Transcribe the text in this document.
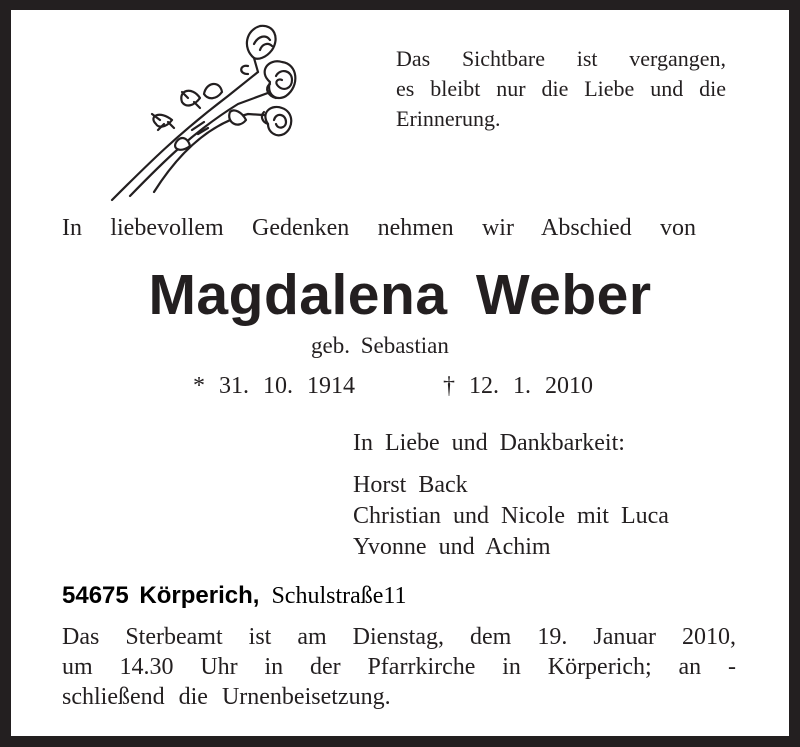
Das Sichtbare ist vergangen,
es bleibt nur die Liebe und die
Erinnerung.
In liebevollem Gedenken nehmen wir Abschied von
Magdalena Weber
geb. Sebastian
* 31. 10. 1914	† 12. 1. 2010
In Liebe und Dankbarkeit:
Horst Back
Christian und Nicole mit Luca
Yvonne und Achim
54675 Körperich, Schulstraße11
Das Sterbeamt ist am Dienstag, dem 19. Januar 2010,
um 14.30 Uhr in der Pfarrkirche in Körperich; an -
schließend die Urnenbeisetzung.
